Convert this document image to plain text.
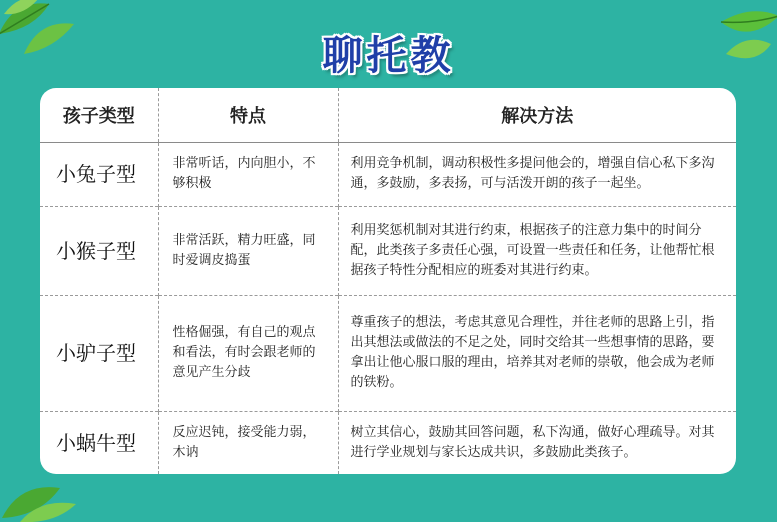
聊托教
孩子类型	特点	解决方法
小兔子型	非常听话，内向胆小，不够积极	利用竞争机制，调动积极性多提问他会的，增强自信心私下多沟通，多鼓励，多表扬，可与活泼开朗的孩子一起坐。
小猴子型	非常活跃，精力旺盛，同时爱调皮捣蛋	利用奖惩机制对其进行约束，根据孩子的注意力集中的时间分配，此类孩子多责任心强，可设置一些责任和任务，让他帮忙根据孩子特性分配相应的班委对其进行约束。
小驴子型	性格倔强，有自己的观点和看法，有时会跟老师的意见产生分歧	尊重孩子的想法，考虑其意见合理性，并往老师的思路上引，指出其想法或做法的不足之处，同时交给其一些想事情的思路，要拿出让他心服口服的理由，培养其对老师的崇敬，他会成为老师的铁粉。
小蜗牛型	反应迟钝，接受能力弱，木讷	树立其信心，鼓励其回答问题，私下沟通，做好心理疏导。对其进行学业规划与家长达成共识，多鼓励此类孩子。
